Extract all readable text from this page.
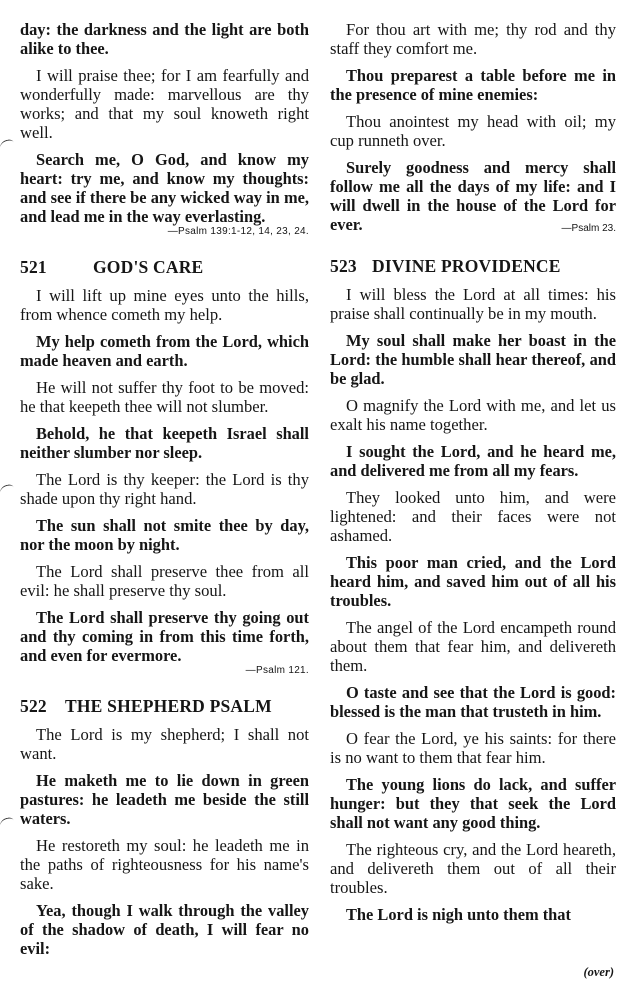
day: the darkness and the light are both alike to thee.

I will praise thee; for I am fearfully and wonderfully made: marvellous are thy works; and that my soul knoweth right well.

Search me, O God, and know my heart: try me, and know my thoughts: and see if there be any wicked way in me, and lead me in the way everlasting.

—Psalm 139:1-12, 14, 23, 24.
521	GOD'S CARE

I will lift up mine eyes unto the hills, from whence cometh my help.

My help cometh from the Lord, which made heaven and earth.

He will not suffer thy foot to be moved: he that keepeth thee will not slumber.

Behold, he that keepeth Israel shall neither slumber nor sleep.

The Lord is thy keeper: the Lord is thy shade upon thy right hand.

The sun shall not smite thee by day, nor the moon by night.

The Lord shall preserve thee from all evil: he shall preserve thy soul.

The Lord shall preserve thy going out and thy coming in from this time forth, and even for evermore.

—Psalm 121.
522 THE SHEPHERD PSALM

The Lord is my shepherd; I shall not want.

He maketh me to lie down in green pastures: he leadeth me beside the still waters.

He restoreth my soul: he leadeth me in the paths of righteousness for his name's sake.

Yea, though I walk through the valley of the shadow of death, I will fear no evil:

For thou art with me; thy rod and thy staff they comfort me.

Thou preparest a table before me in the presence of mine enemies:

Thou anointest my head with oil; my cup runneth over.

Surely goodness and mercy shall follow me all the days of my life: and I will dwell in the house of the Lord for ever.	—Psalm 23.

523 DIVINE PROVIDENCE

I will bless the Lord at all times: his praise shall continually be in my mouth.

My soul shall make her boast in the Lord: the humble shall hear thereof, and be glad.

O magnify the Lord with me, and let us exalt his name together.

I sought the Lord, and he heard me, and delivered me from all my fears.

They looked unto him, and were lightened: and their faces were not ashamed.

This poor man cried, and the Lord heard him, and saved him out of all his troubles.

The angel of the Lord encampeth round about them that fear him, and delivereth them.

O taste and see that the Lord is good: blessed is the man that trusteth in him.

O fear the Lord, ye his saints: for there is no want to them that fear him.

The young lions do lack, and suffer hunger: but they that seek the Lord shall not want any good thing.

The righteous cry, and the Lord heareth, and delivereth them out of all their troubles.

The Lord is nigh unto them that

(over)
